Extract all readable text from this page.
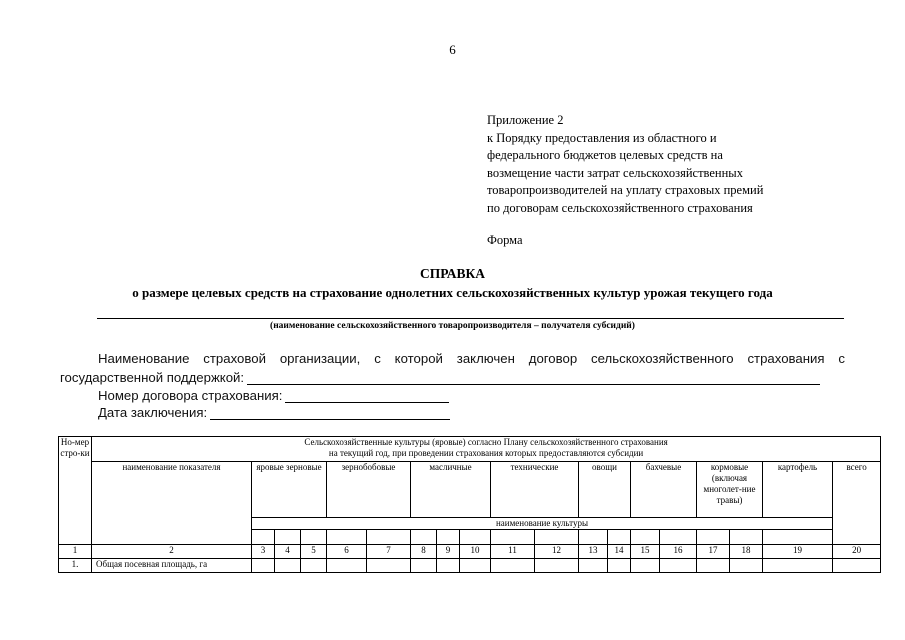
6
Приложение 2
к Порядку предоставления из областного и
федерального бюджетов целевых средств на
возмещение части затрат сельскохозяйственных
товаропроизводителей на уплату страховых премий
по договорам сельскохозяйственного страхования
Форма
СПРАВКА
о размере целевых средств на страхование однолетних сельскохозяйственных культур урожая текущего года
(наименование сельскохозяйственного товаропроизводителя – получателя субсидий)
Наименование страховой организации, с которой заключен договор сельскохозяйственного страхования с
государственной поддержкой:
Номер договора страхования:
Дата заключения:
Но-мер стро-ки	Сельскохозяйственные культуры (яровые) согласно Плану сельскохозяйственного страхования
на текущий год, при проведении страхования которых предоставляются субсидии																		

	наименование показателя	яровые зерновые			зернобобовые		масличные			технические		овощи		бахчевые		кормовые (включая многолет-ние травы)		картофель	всего
		наименование культуры																	

1	2	3	4	5	6	7	8	9	10	11	12	13	14	15	16	17	18	19	20
1.	Общая посевная площадь, га																		
